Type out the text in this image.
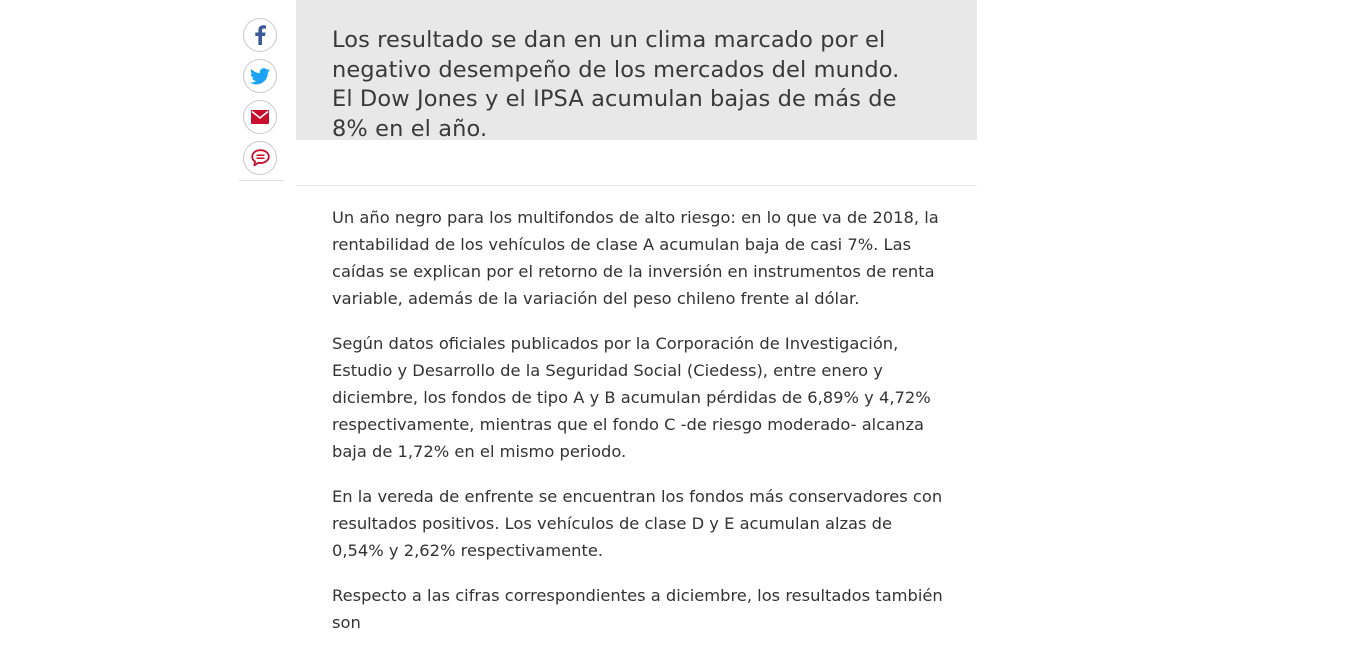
Los resultado se dan en un clima marcado por el negativo desempeño de los mercados del mundo. El Dow Jones y el IPSA acumulan bajas de más de 8% en el año.

Un año negro para los multifondos de alto riesgo: en lo que va de 2018, la rentabilidad de los vehículos de clase A acumulan baja de casi 7%. Las caídas se explican por el retorno de la inversión en instrumentos de renta variable, además de la variación del peso chileno frente al dólar.

Según datos oficiales publicados por la Corporación de Investigación, Estudio y Desarrollo de la Seguridad Social (Ciedess), entre enero y diciembre, los fondos de tipo A y B acumulan pérdidas de 6,89% y 4,72% respectivamente, mientras que el fondo C -de riesgo moderado- alcanza baja de 1,72% en el mismo periodo.

En la vereda de enfrente se encuentran los fondos más conservadores con resultados positivos. Los vehículos de clase D y E acumulan alzas de 0,54% y 2,62% respectivamente.

Respecto a las cifras correspondientes a diciembre, los resultados también son
